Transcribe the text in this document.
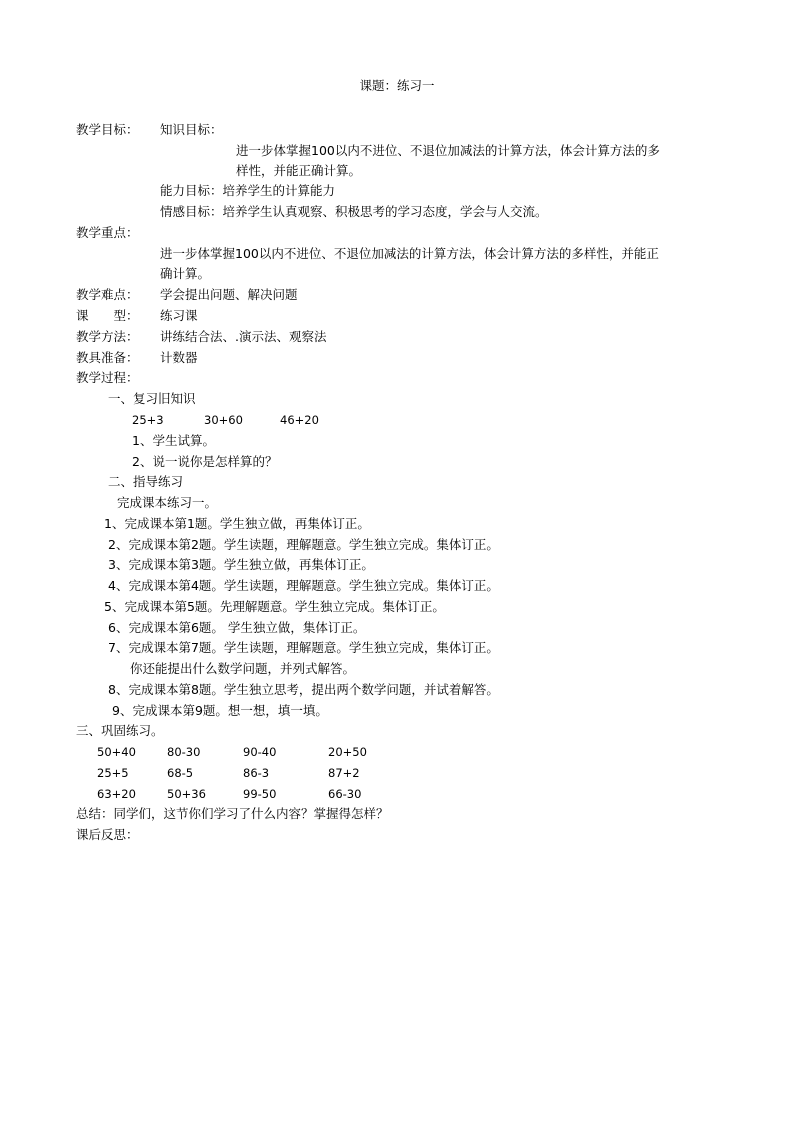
课题：练习一
教学目标： 知识目标：
进一步体掌握100以内不进位、不退位加减法的计算方法，体会计算方法的多
样性，并能正确计算。
能力目标：培养学生的计算能力
情感目标：培养学生认真观察、积极思考的学习态度，学会与人交流。
教学重点：
进一步体掌握100以内不进位、不退位加减法的计算方法，体会计算方法的多样性，并能正
确计算。
教学难点： 学会提出问题、解决问题
课　　型： 练习课
教学方法： 讲练结合法、.演示法、观察法
教具准备： 计数器
教学过程：
一、复习旧知识
25+3	30+60	46+20
1、学生试算。
2、说一说你是怎样算的？
二、指导练习
完成课本练习一。
1、完成课本第1题。学生独立做，再集体订正。
2、完成课本第2题。学生读题，理解题意。学生独立完成。集体订正。
3、完成课本第3题。学生独立做，再集体订正。
4、完成课本第4题。学生读题，理解题意。学生独立完成。集体订正。
5、完成课本第5题。先理解题意。学生独立完成。集体订正。
6、完成课本第6题。 学生独立做，集体订正。
7、完成课本第7题。学生读题，理解题意。学生独立完成，集体订正。
你还能提出什么数学问题，并列式解答。
8、完成课本第8题。学生独立思考，提出两个数学问题，并试着解答。
9、完成课本第9题。想一想，填一填。
三、巩固练习。
50+40	80-30	90-40	20+50
25+5	68-5	86-3	87+2
63+20	50+36	99-50	66-30
总结：同学们，这节你们学习了什么内容？掌握得怎样？
课后反思：
